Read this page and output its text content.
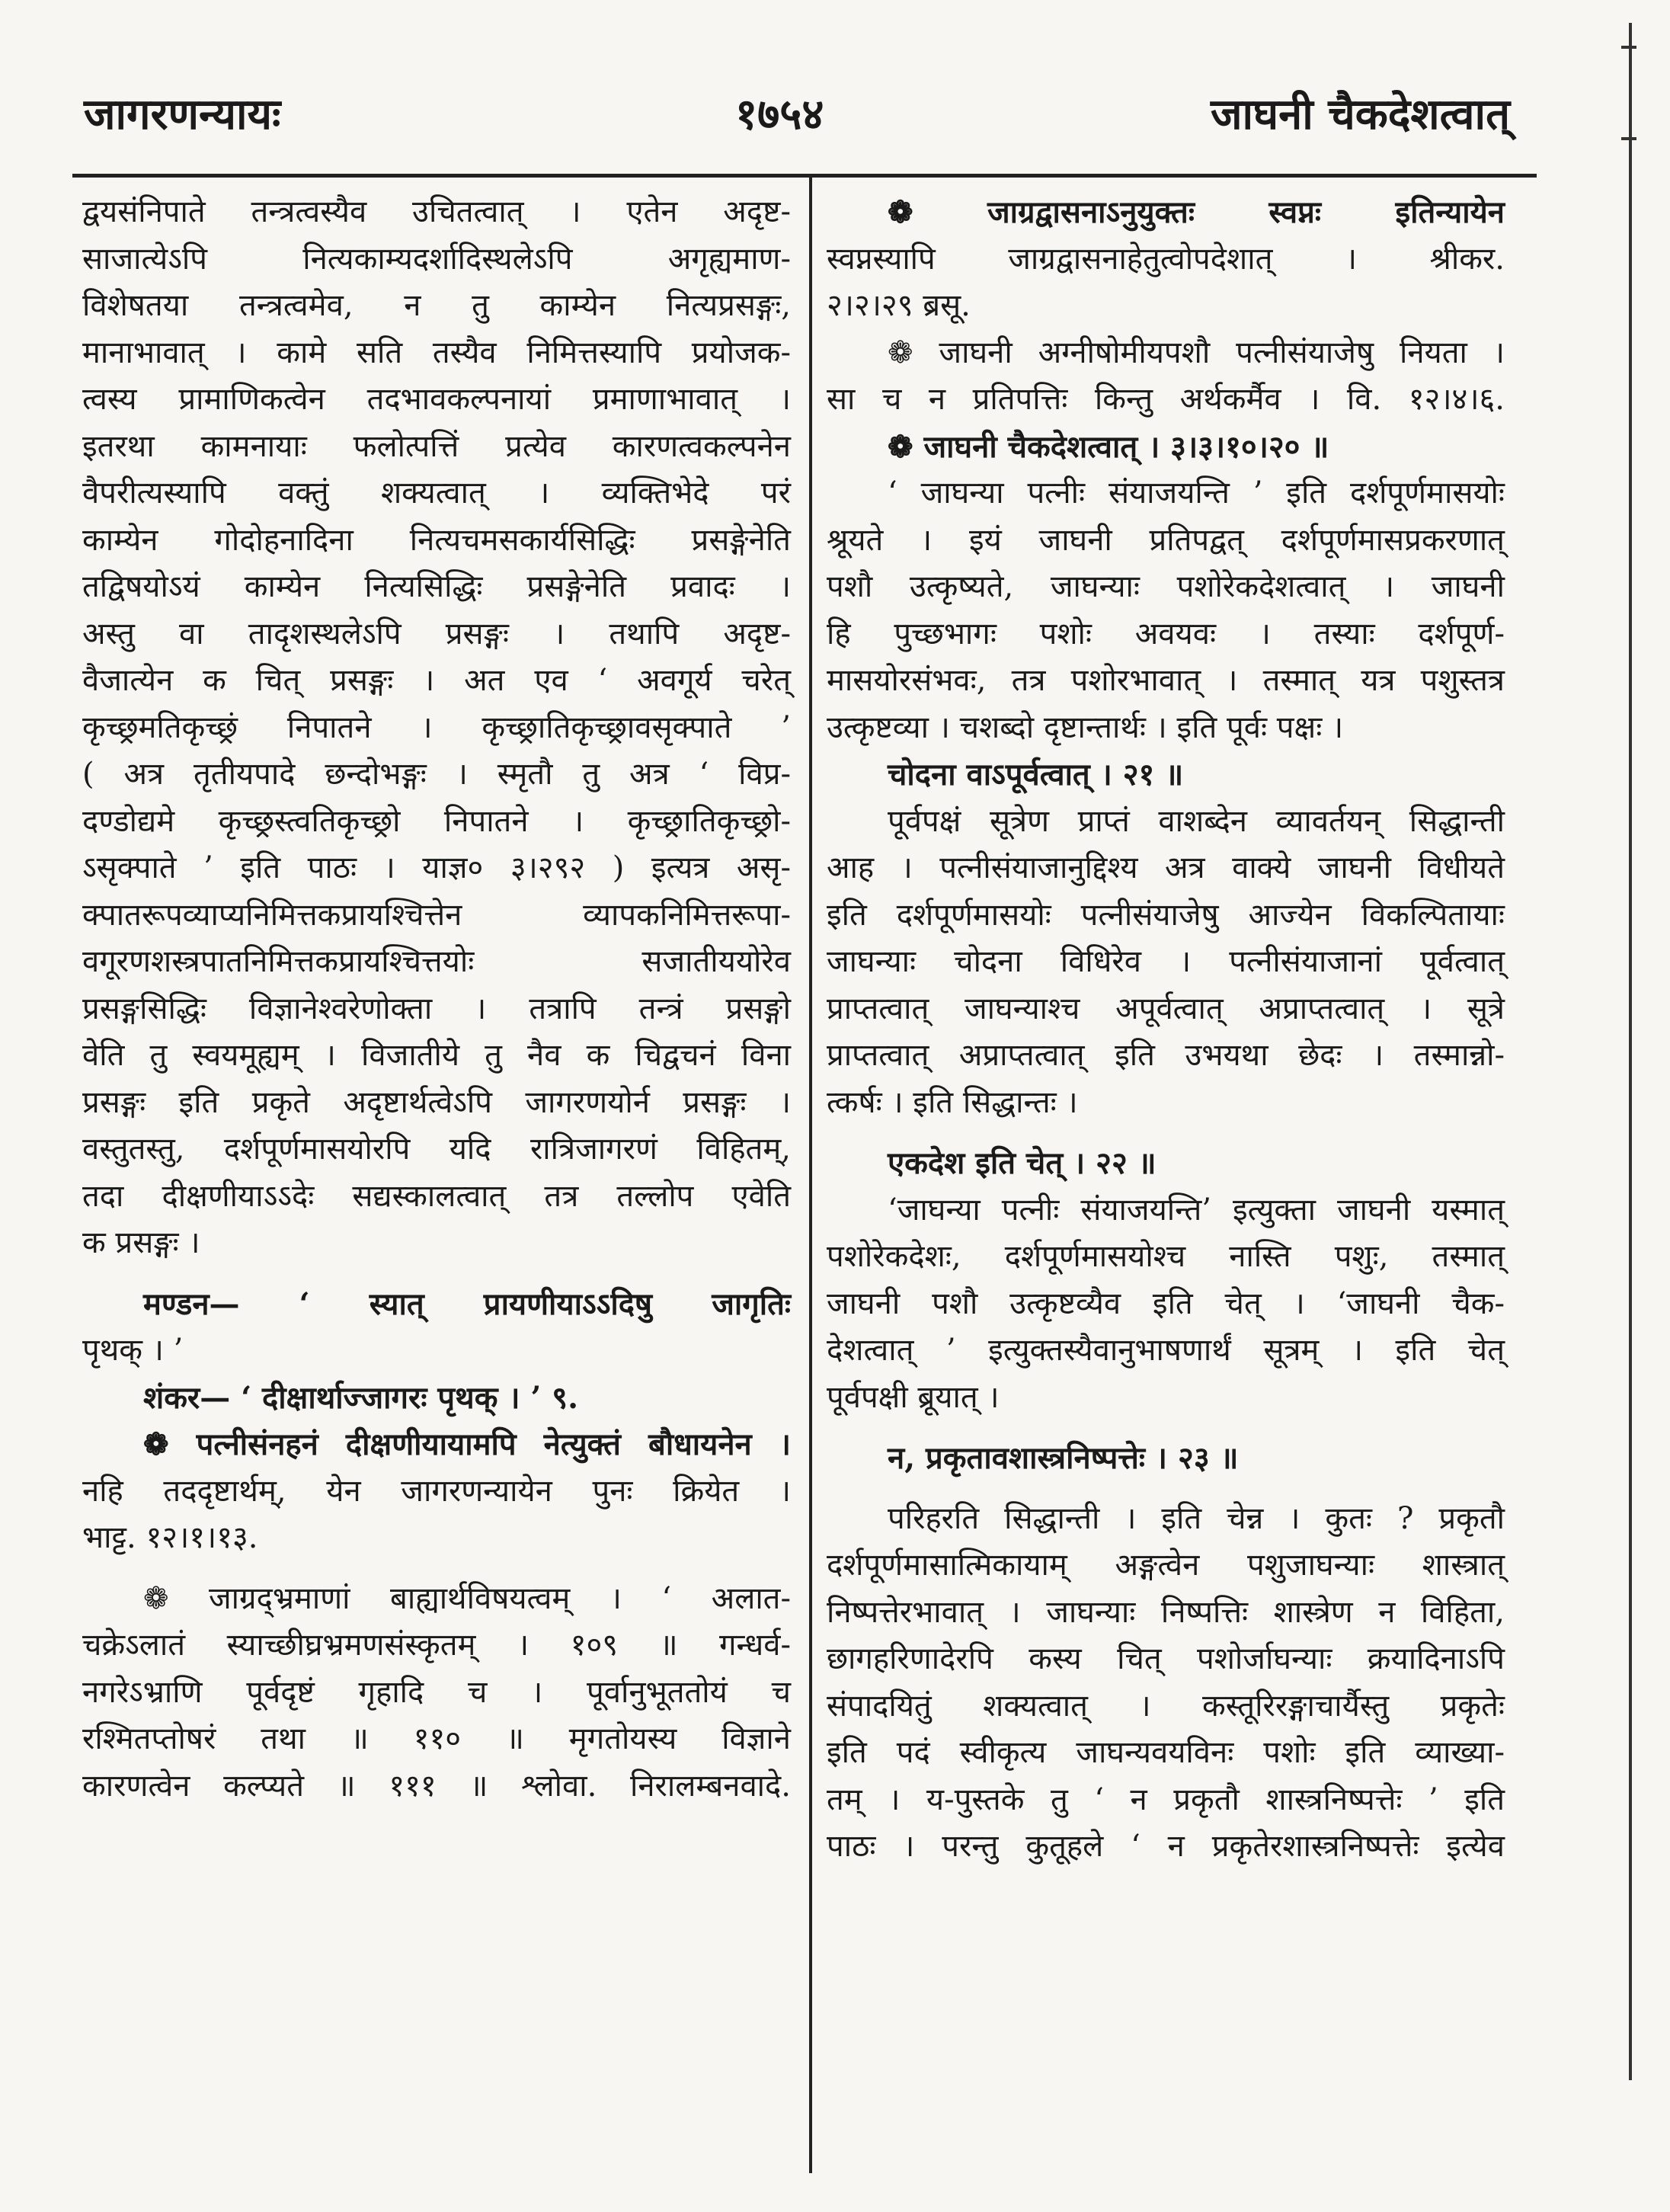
जागरणन्यायः	१७५४	जाघनी चैकदेशत्वात्

द्वयसंनिपाते तन्त्रत्वस्यैव उचितत्वात् । एतेन अदृष्ट-

साजात्येऽपि नित्यकाम्यदर्शादिस्थलेऽपि अगृह्यमाण-

विशेषतया तन्त्रत्वमेव, न तु काम्येन नित्यप्रसङ्गः,

मानाभावात् । कामे सति तस्यैव निमित्तस्यापि प्रयोजक-

त्वस्य प्रामाणिकत्वेन तदभावकल्पनायां प्रमाणाभावात् ।

इतरथा कामनायाः फलोत्पत्तिं प्रत्येव कारणत्वकल्पनेन

वैपरीत्यस्यापि वक्तुं शक्यत्वात् । व्यक्तिभेदे परं

काम्येन गोदोहनादिना नित्यचमसकार्यसिद्धिः प्रसङ्गेनेति

तद्विषयोऽयं काम्येन नित्यसिद्धिः प्रसङ्गेनेति प्रवादः ।

अस्तु वा तादृशस्थलेऽपि प्रसङ्गः । तथापि अदृष्ट-

वैजात्येन क चित् प्रसङ्गः । अत एव ‘ अवगूर्य चरेत्

कृच्छ्रमतिकृच्छ्रं निपातने । कृच्छ्रातिकृच्छ्रावसृक्पाते ’

( अत्र तृतीयपादे छन्दोभङ्गः । स्मृतौ तु अत्र ‘ विप्र-

दण्डोद्यमे कृच्छ्रस्त्वतिकृच्छ्रो निपातने । कृच्छ्रातिकृच्छ्रो-

ऽसृक्पाते ’ इति पाठः । याज्ञ० ३।२९२ ) इत्यत्र असृ-

क्पातरूपव्याप्यनिमित्तकप्रायश्चित्तेन व्यापकनिमित्तरूपा-

वगूरणशस्त्रपातनिमित्तकप्रायश्चित्तयोः सजातीययोरेव

प्रसङ्गसिद्धिः विज्ञानेश्वरेणोक्ता । तत्रापि तन्त्रं प्रसङ्गो

वेति तु स्वयमूह्यम् । विजातीये तु नैव क चिद्वचनं विना

प्रसङ्गः इति प्रकृते अदृष्टार्थत्वेऽपि जागरणयोर्न प्रसङ्गः ।

वस्तुतस्तु, दर्शपूर्णमासयोरपि यदि रात्रिजागरणं विहितम्,

तदा दीक्षणीयाऽऽदेः सद्यस्कालत्वात् तत्र तल्लोप एवेति

क प्रसङ्गः ।

मण्डन— ‘ स्यात् प्रायणीयाऽऽदिषु जागृतिः

पृथक् । ’

शंकर— ‘ दीक्षार्थाज्जागरः पृथक् । ’ ९.

❁ पत्नीसंनहनं दीक्षणीयायामपि नेत्युक्तं बौधायनेन ।

नहि तददृष्टार्थम्, येन जागरणन्यायेन पुनः क्रियेत ।

भाट्ट. १२।१।१३.

❁ जाग्रद्भ्रमाणां बाह्यार्थविषयत्वम् । ‘ अलात-

चक्रेऽलातं स्याच्छीघ्रभ्रमणसंस्कृतम् । १०९ ॥ गन्धर्व-

नगरेऽभ्राणि पूर्वदृष्टं गृहादि च । पूर्वानुभूततोयं च

रश्मितप्तोषरं तथा ॥ ११० ॥ मृगतोयस्य विज्ञाने

कारणत्वेन कल्प्यते ॥ १११ ॥ श्लोवा. निरालम्बनवादे.

❁ जाग्रद्वासनाऽनुयुक्तः स्वप्नः इतिन्यायेन

स्वप्नस्यापि जाग्रद्वासनाहेतुत्वोपदेशात् । श्रीकर.

२।२।२९ ब्रसू.

❁ जाघनी अग्नीषोमीयपशौ पत्नीसंयाजेषु नियता ।

सा च न प्रतिपत्तिः किन्तु अर्थकर्मैव । वि. १२।४।६.

❁ जाघनी चैकदेशत्वात् । ३।३।१०।२० ॥

‘ जाघन्या पत्नीः संयाजयन्ति ’ इति दर्शपूर्णमासयोः

श्रूयते । इयं जाघनी प्रतिपद्वत् दर्शपूर्णमासप्रकरणात्

पशौ उत्कृष्यते, जाघन्याः पशोरेकदेशत्वात् । जाघनी

हि पुच्छभागः पशोः अवयवः । तस्याः दर्शपूर्ण-

मासयोरसंभवः, तत्र पशोरभावात् । तस्मात् यत्र पशुस्तत्र

उत्कृष्टव्या । चशब्दो दृष्टान्तार्थः । इति पूर्वः पक्षः ।

चोदना वाऽपूर्वत्वात् । २१ ॥

पूर्वपक्षं सूत्रेण प्राप्तं वाशब्देन व्यावर्तयन् सिद्धान्ती

आह । पत्नीसंयाजानुद्दिश्य अत्र वाक्ये जाघनी विधीयते

इति दर्शपूर्णमासयोः पत्नीसंयाजेषु आज्येन विकल्पितायाः

जाघन्याः चोदना विधिरेव । पत्नीसंयाजानां पूर्वत्वात्

प्राप्तत्वात् जाघन्याश्च अपूर्वत्वात् अप्राप्तत्वात् । सूत्रे

प्राप्तत्वात् अप्राप्तत्वात् इति उभयथा छेदः । तस्मान्नो-

त्कर्षः । इति सिद्धान्तः ।

एकदेश इति चेत् । २२ ॥

‘जाघन्या पत्नीः संयाजयन्ति’ इत्युक्ता जाघनी यस्मात्

पशोरेकदेशः, दर्शपूर्णमासयोश्च नास्ति पशुः, तस्मात्

जाघनी पशौ उत्कृष्टव्यैव इति चेत् । ‘जाघनी चैक-

देशत्वात् ’ इत्युक्तस्यैवानुभाषणार्थं सूत्रम् । इति चेत्

पूर्वपक्षी ब्रूयात् ।

न, प्रकृतावशास्त्रनिष्पत्तेः । २३ ॥

परिहरति सिद्धान्ती । इति चेन्न । कुतः ? प्रकृतौ

दर्शपूर्णमासात्मिकायाम् अङ्गत्वेन पशुजाघन्याः शास्त्रात्

निष्पत्तेरभावात् । जाघन्याः निष्पत्तिः शास्त्रेण न विहिता,

छागहरिणादेरपि कस्य चित् पशोर्जाघन्याः क्रयादिनाऽपि

संपादयितुं शक्यत्वात् । कस्तूरिरङ्गाचार्यैस्तु प्रकृतेः

इति पदं स्वीकृत्य जाघन्यवयविनः पशोः इति व्याख्या-

तम् । य-पुस्तके तु ‘ न प्रकृतौ शास्त्रनिष्पत्तेः ’ इति

पाठः । परन्तु कुतूहले ‘ न प्रकृतेरशास्त्रनिष्पत्तेः इत्येव
